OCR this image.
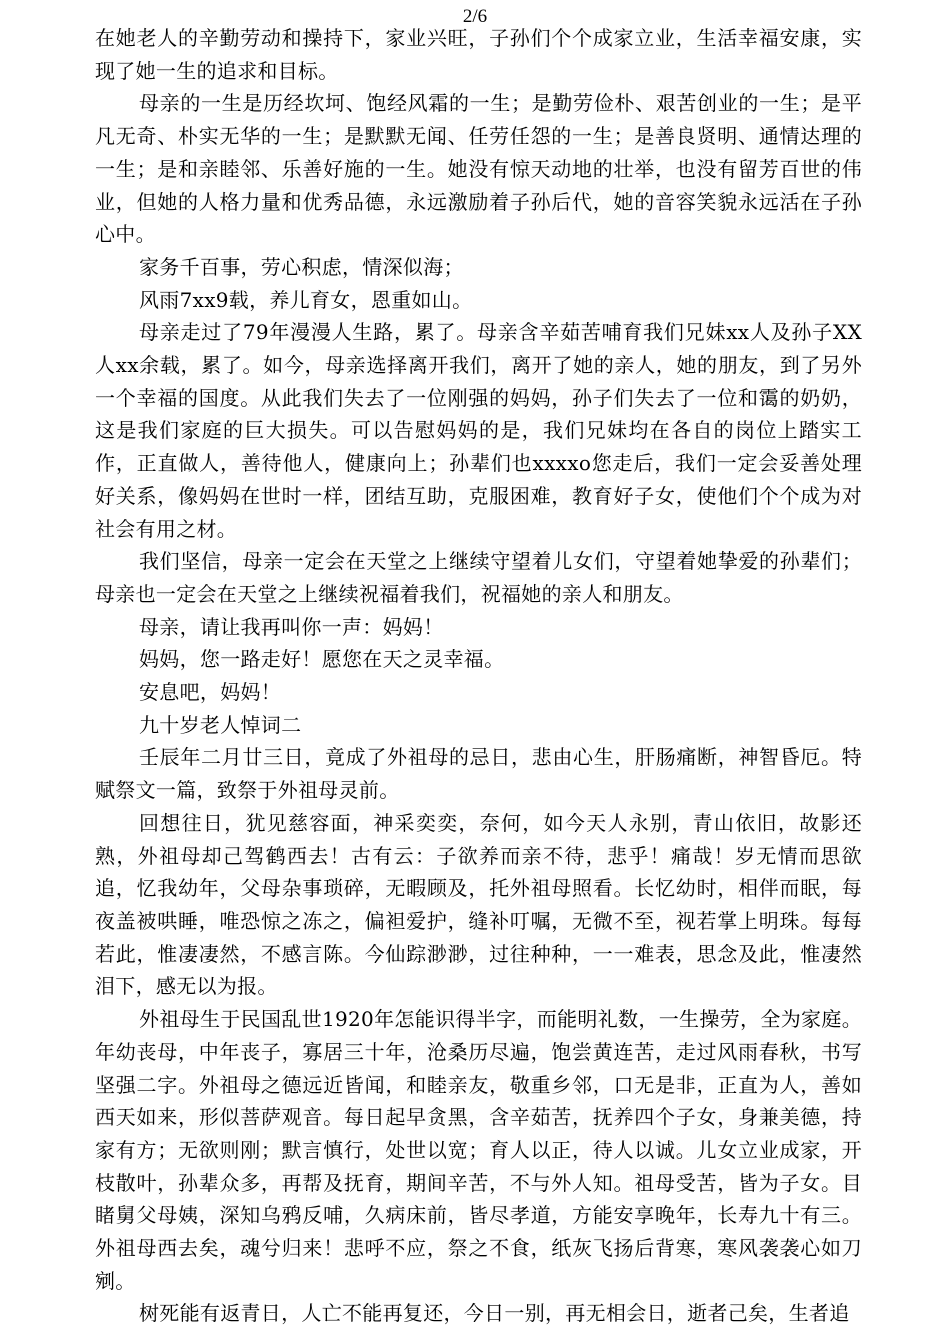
2/6

在她老人的辛勤劳动和操持下，家业兴旺，子孙们个个成家立业，生活幸福安康，实现了她一生的追求和目标。

母亲的一生是历经坎坷、饱经风霜的一生；是勤劳俭朴、艰苦创业的一生；是平凡无奇、朴实无华的一生；是默默无闻、任劳任怨的一生；是善良贤明、通情达理的一生；是和亲睦邻、乐善好施的一生。她没有惊天动地的壮举，也没有留芳百世的伟业，但她的人格力量和优秀品德，永远激励着子孙后代，她的音容笑貌永远活在子孙心中。

家务千百事，劳心积虑，情深似海；

风雨7xx9载，养儿育女，恩重如山。

母亲走过了79年漫漫人生路，累了。母亲含辛茹苦哺育我们兄妹xx人及孙子XX人xx余载，累了。如今，母亲选择离开我们，离开了她的亲人，她的朋友，到了另外一个幸福的国度。从此我们失去了一位刚强的妈妈，孙子们失去了一位和霭的奶奶，这是我们家庭的巨大损失。可以告慰妈妈的是，我们兄妹均在各自的岗位上踏实工作，正直做人，善待他人，健康向上；孙辈们也xxxxo您走后，我们一定会妥善处理好关系，像妈妈在世时一样，团结互助，克服困难，教育好子女，使他们个个成为对社会有用之材。

我们坚信，母亲一定会在天堂之上继续守望着儿女们，守望着她挚爱的孙辈们；母亲也一定会在天堂之上继续祝福着我们，祝福她的亲人和朋友。

母亲，请让我再叫你一声：妈妈！

妈妈，您一路走好！愿您在天之灵幸福。

安息吧，妈妈！

九十岁老人悼词二

壬辰年二月廿三日，竟成了外祖母的忌日，悲由心生，肝肠痛断，神智昏厄。特赋祭文一篇，致祭于外祖母灵前。

回想往日，犹见慈容面，神采奕奕，奈何，如今天人永别，青山依旧，故影还熟，外祖母却己驾鹤西去！古有云：子欲养而亲不待，悲乎！痛哉！岁无情而思欲追，忆我幼年，父母杂事琐碎，无暇顾及，托外祖母照看。长忆幼时，相伴而眠，每夜盖被哄睡，唯恐惊之冻之，偏袒爱护，缝补叮嘱，无微不至，视若掌上明珠。每每若此，惟凄凄然，不感言陈。今仙踪渺渺，过往种种，一一难表，思念及此，惟凄然泪下，感无以为报。

外祖母生于民国乱世1920年怎能识得半字，而能明礼数，一生操劳，全为家庭。年幼丧母，中年丧子，寡居三十年，沧桑历尽遍，饱尝黄连苦，走过风雨春秋，书写坚强二字。外祖母之德远近皆闻，和睦亲友，敬重乡邻，口无是非，正直为人，善如西天如来，形似菩萨观音。每日起早贪黑，含辛茹苦，抚养四个子女，身兼美德，持家有方；无欲则刚；默言慎行，处世以宽；育人以正，待人以诚。儿女立业成家，开枝散叶，孙辈众多，再帮及抚育，期间辛苦，不与外人知。祖母受苦，皆为子女。目睹舅父母姨，深知乌鸦反哺，久病床前，皆尽孝道，方能安享晚年，长寿九十有三。外祖母西去矣，魂兮归来！悲呼不应，祭之不食，纸灰飞扬后背寒，寒风袭袭心如刀剜。

树死能有返青日，人亡不能再复还，今日一别，再无相会日，逝者己矣，生者追
